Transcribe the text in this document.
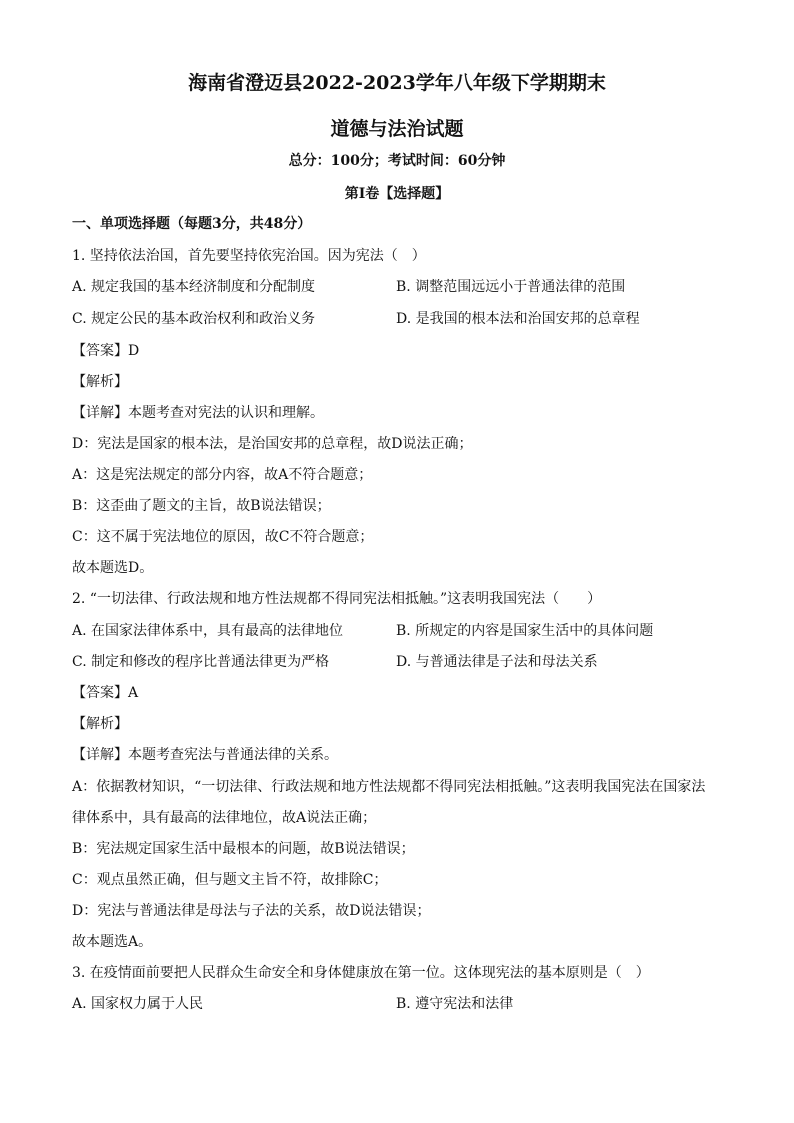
海南省澄迈县2022-2023学年八年级下学期期末
道德与法治试题
总分：100分；考试时间：60分钟
第I卷【选择题】
一、单项选择题（每题3分，共48分）
1. 坚持依法治国，首先要坚持依宪治国。因为宪法（　）
A. 规定我国的基本经济制度和分配制度	B. 调整范围远远小于普通法律的范围
C. 规定公民的基本政治权利和政治义务	D. 是我国的根本法和治国安邦的总章程
【答案】D
【解析】
【详解】本题考查对宪法的认识和理解。
D：宪法是国家的根本法，是治国安邦的总章程，故D说法正确；
A：这是宪法规定的部分内容，故A不符合题意；
B：这歪曲了题文的主旨，故B说法错误；
C：这不属于宪法地位的原因，故C不符合题意；
故本题选D。
2. “一切法律、行政法规和地方性法规都不得同宪法相抵触。”这表明我国宪法（　　）
A. 在国家法律体系中，具有最高的法律地位	B. 所规定的内容是国家生活中的具体问题
C. 制定和修改的程序比普通法律更为严格	D. 与普通法律是子法和母法关系
【答案】A
【解析】
【详解】本题考查宪法与普通法律的关系。
A：依据教材知识，“一切法律、行政法规和地方性法规都不得同宪法相抵触。”这表明我国宪法在国家法
律体系中，具有最高的法律地位，故A说法正确；
B：宪法规定国家生活中最根本的问题，故B说法错误；
C：观点虽然正确，但与题文主旨不符，故排除C；
D：宪法与普通法律是母法与子法的关系，故D说法错误；
故本题选A。
3. 在疫情面前要把人民群众生命安全和身体健康放在第一位。这体现宪法的基本原则是（　）
A. 国家权力属于人民	B. 遵守宪法和法律
